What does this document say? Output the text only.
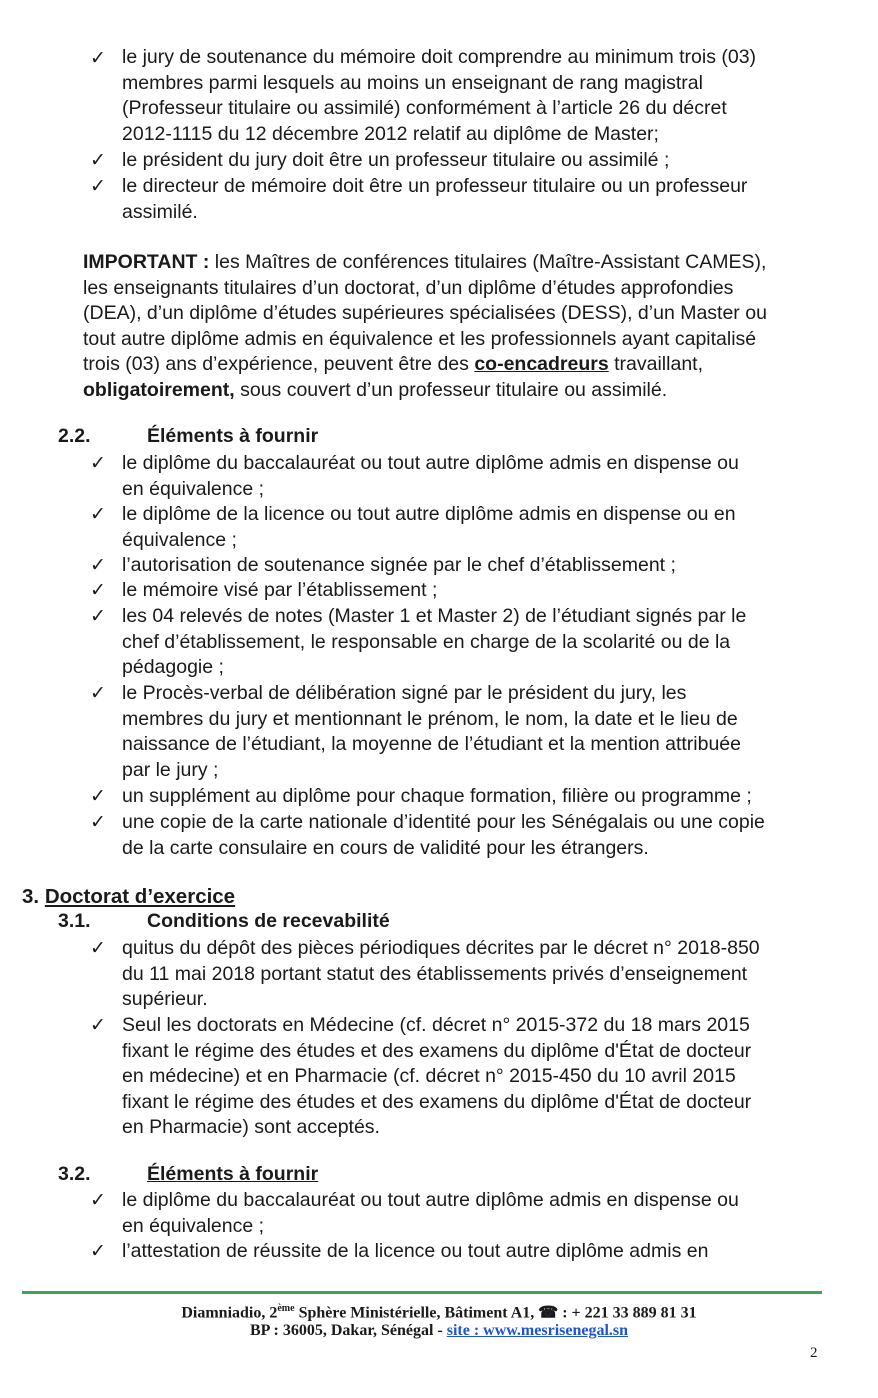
✓ le jury de soutenance du mémoire doit comprendre au minimum trois (03)
membres parmi lesquels au moins un enseignant de rang magistral
(Professeur titulaire ou assimilé) conformément à l’article 26 du décret
2012-1115 du 12 décembre 2012 relatif au diplôme de Master;
✓ le président du jury doit être un professeur titulaire ou assimilé ;
✓ le directeur de mémoire doit être un professeur titulaire ou un professeur
assimilé.
IMPORTANT : les Maîtres de conférences titulaires (Maître-Assistant CAMES),
les enseignants titulaires d’un doctorat, d’un diplôme d’études approfondies
(DEA), d’un diplôme d’études supérieures spécialisées (DESS), d’un Master ou
tout autre diplôme admis en équivalence et les professionnels ayant capitalisé
trois (03) ans d’expérience, peuvent être des co-encadreurs travaillant,
obligatoirement, sous couvert d’un professeur titulaire ou assimilé.
2.2.	Éléments à fournir
✓ le diplôme du baccalauréat ou tout autre diplôme admis en dispense ou
en équivalence ;
✓ le diplôme de la licence ou tout autre diplôme admis en dispense ou en
équivalence ;
✓ l’autorisation de soutenance signée par le chef d’établissement ;
✓ le mémoire visé par l’établissement ;
✓ les 04 relevés de notes (Master 1 et Master 2) de l’étudiant signés par le
chef d’établissement, le responsable en charge de la scolarité ou de la
pédagogie ;
✓ le Procès-verbal de délibération signé par le président du jury, les
membres du jury et mentionnant le prénom, le nom, la date et le lieu de
naissance de l’étudiant, la moyenne de l’étudiant et la mention attribuée
par le jury ;
✓ un supplément au diplôme pour chaque formation, filière ou programme ;
✓ une copie de la carte nationale d’identité pour les Sénégalais ou une copie
de la carte consulaire en cours de validité pour les étrangers.
3. Doctorat d’exercice
3.1.	Conditions de recevabilité
✓ quitus du dépôt des pièces périodiques décrites par le décret n° 2018-850
du 11 mai 2018 portant statut des établissements privés d’enseignement
supérieur.
✓ Seul les doctorats en Médecine (cf. décret n° 2015-372 du 18 mars 2015
fixant le régime des études et des examens du diplôme d'État de docteur
en médecine) et en Pharmacie (cf. décret n° 2015-450 du 10 avril 2015
fixant le régime des études et des examens du diplôme d'État de docteur
en Pharmacie) sont acceptés.
3.2.	Éléments à fournir
✓ le diplôme du baccalauréat ou tout autre diplôme admis en dispense ou
en équivalence ;
✓ l’attestation de réussite de la licence ou tout autre diplôme admis en
Diamniadio, 2ème Sphère Ministérielle, Bâtiment A1, ☎ : + 221 33 889 81 31
BP : 36005, Dakar, Sénégal - site : www.mesrisenegal.sn
2
